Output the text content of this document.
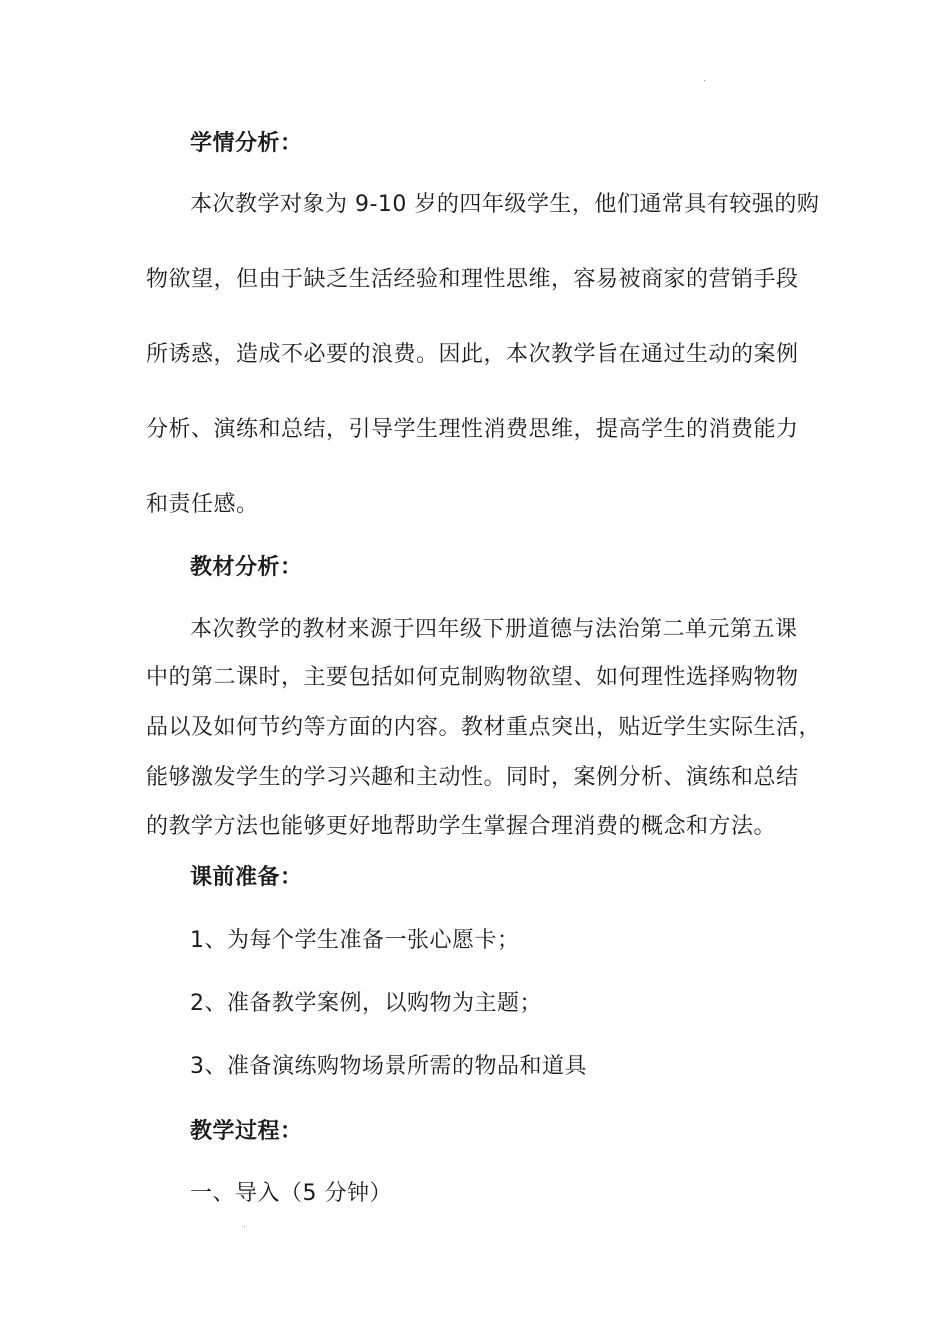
学情分析：
本次教学对象为 9-10 岁的四年级学生，他们通常具有较强的购
物欲望，但由于缺乏生活经验和理性思维，容易被商家的营销手段
所诱惑，造成不必要的浪费。因此，本次教学旨在通过生动的案例
分析、演练和总结，引导学生理性消费思维，提高学生的消费能力
和责任感。
教材分析：
本次教学的教材来源于四年级下册道德与法治第二单元第五课
中的第二课时，主要包括如何克制购物欲望、如何理性选择购物物
品以及如何节约等方面的内容。教材重点突出，贴近学生实际生活，
能够激发学生的学习兴趣和主动性。同时，案例分析、演练和总结
的教学方法也能够更好地帮助学生掌握合理消费的概念和方法。
课前准备：
1、为每个学生准备一张心愿卡；
2、准备教学案例，以购物为主题；
3、准备演练购物场景所需的物品和道具
教学过程：
一、导入（5 分钟）
